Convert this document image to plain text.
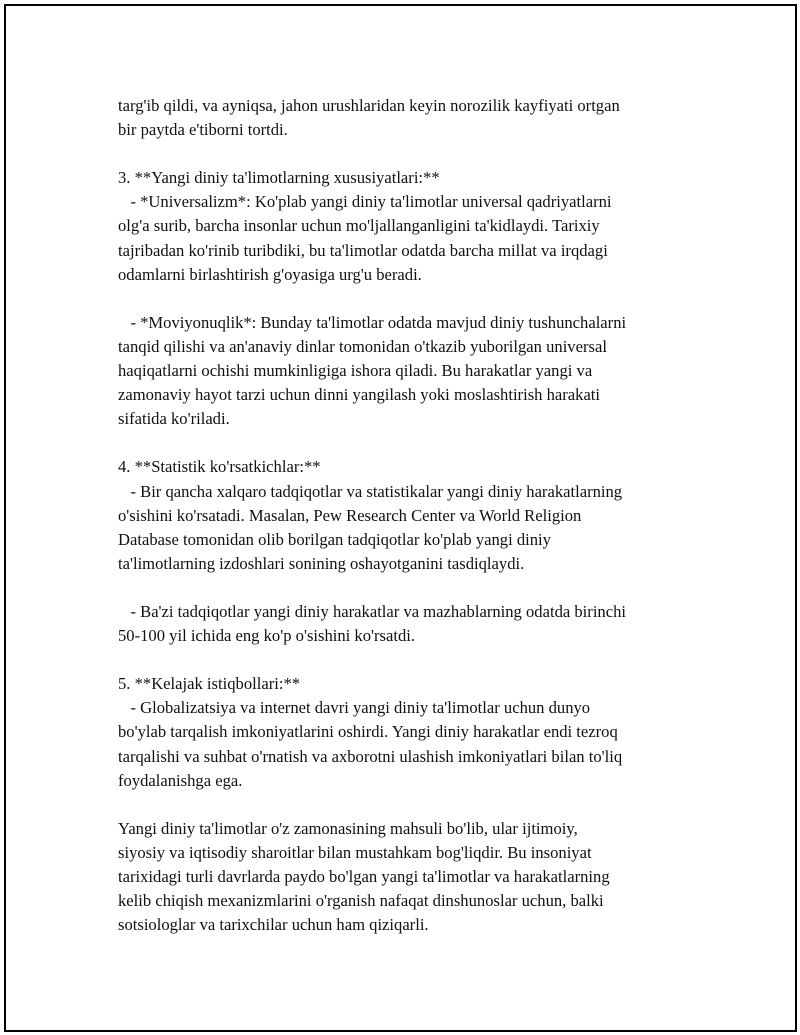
targ'ib qildi, va ayniqsa, jahon urushlaridan keyin norozilik kayfiyati ortgan
bir paytda e'tiborni tortdi.
3. **Yangi diniy ta'limotlarning xususiyatlari:**
- *Universalizm*: Ko'plab yangi diniy ta'limotlar universal qadriyatlarni
olg'a surib, barcha insonlar uchun mo'ljallanganligini ta'kidlaydi. Tarixiy
tajribadan ko'rinib turibdiki, bu ta'limotlar odatda barcha millat va irqdagi
odamlarni birlashtirish g'oyasiga urg'u beradi.
- *Moviyonuqlik*: Bunday ta'limotlar odatda mavjud diniy tushunchalarni
tanqid qilishi va an'anaviy dinlar tomonidan o'tkazib yuborilgan universal
haqiqatlarni ochishi mumkinligiga ishora qiladi. Bu harakatlar yangi va
zamonaviy hayot tarzi uchun dinni yangilash yoki moslashtirish harakati
sifatida ko'riladi.
4. **Statistik ko'rsatkichlar:**
- Bir qancha xalqaro tadqiqotlar va statistikalar yangi diniy harakatlarning
o'sishini ko'rsatadi. Masalan, Pew Research Center va World Religion
Database tomonidan olib borilgan tadqiqotlar ko'plab yangi diniy
ta'limotlarning izdoshlari sonining oshayotganini tasdiqlaydi.
- Ba'zi tadqiqotlar yangi diniy harakatlar va mazhablarning odatda birinchi
50-100 yil ichida eng ko'p o'sishini ko'rsatdi.
5. **Kelajak istiqbollari:**
- Globalizatsiya va internet davri yangi diniy ta'limotlar uchun dunyo
bo'ylab tarqalish imkoniyatlarini oshirdi. Yangi diniy harakatlar endi tezroq
tarqalishi va suhbat o'rnatish va axborotni ulashish imkoniyatlari bilan to'liq
foydalanishga ega.
Yangi diniy ta'limotlar o'z zamonasining mahsuli bo'lib, ular ijtimoiy,
siyosiy va iqtisodiy sharoitlar bilan mustahkam bog'liqdir. Bu insoniyat
tarixidagi turli davrlarda paydo bo'lgan yangi ta'limotlar va harakatlarning
kelib chiqish mexanizmlarini o'rganish nafaqat dinshunoslar uchun, balki
sotsiologlar va tarixchilar uchun ham qiziqarli.
